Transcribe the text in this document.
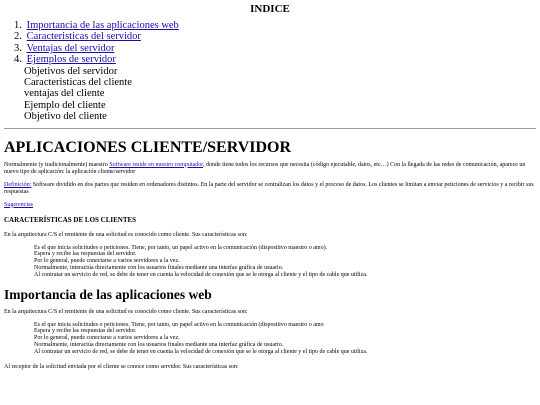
INDICE
1. Importancia de las aplicaciones web
2. Caracteristicas del servidor
3. Ventajas del servidor
4. Ejemplos de servidor
Objetivos del servidor
Caracteristicas del cliente
ventajas del cliente
Ejemplo del cliente
Objetivo del cliente
APLICACIONES CLIENTE/SERVIDOR

Normalmente (y tradicionalmente) maestro Software reside en nuestro computador, donde tiene todos los recursos que necesita (código ejecutable, datos, etc…) Con la llegada de las redes de comunicación, aparece un nuevo tipo de aplicación: la aplicación cliente/servidor

Definición: Software dividido en dos partes que residen en ordenadores distintos. En la parte del servidor se centralizan los datos y el proceso de datos. Los clientes se limitan a enviar peticiones de servicios y a recibir sus respuestas

Sugerencias
CARACTERÍSTICAS DE LOS CLIENTES

En la arquitectura C/S el remitente de una solicitud es conocido como cliente. Sus características son:

Es el que inicia solicitudes o peticiones. Tiene, por tanto, un papel activo en la comunicación (dispositivo maestro o amo).
Espera y recibe las respuestas del servidor.
Por lo general, puede conectarse a varios servidores a la vez.
Normalmente, interactúa directamente con los usuarios finales mediante una interfaz gráfica de usuario.
Al contratar un servicio de red, se debe de tener en cuenta la velocidad de conexión que se le otorga al cliente y el tipo de cable que utiliza.
Importancia de las aplicaciones web

En la arquitectura C/S el remitente de una solicitud es conocido como cliente. Sus características son:

Es el que inicia solicitudes o peticiones. Tiene, por tanto, un papel activo en la comunicación (dispositivo maestro o amo
Espera y recibe las respuestas del servidor.
Por lo general, puede conectarse a varios servidores a la vez.
Normalmente, interactúa directamente con los usuarios finales mediante una interfaz gráfica de usuario.
Al contratar un servicio de red, se debe de tener en cuenta la velocidad de conexión que se le otorga al cliente y el tipo de cable que utiliza.

Al receptor de la solicitud enviada por el cliente se conoce como servidor. Sus características son:
